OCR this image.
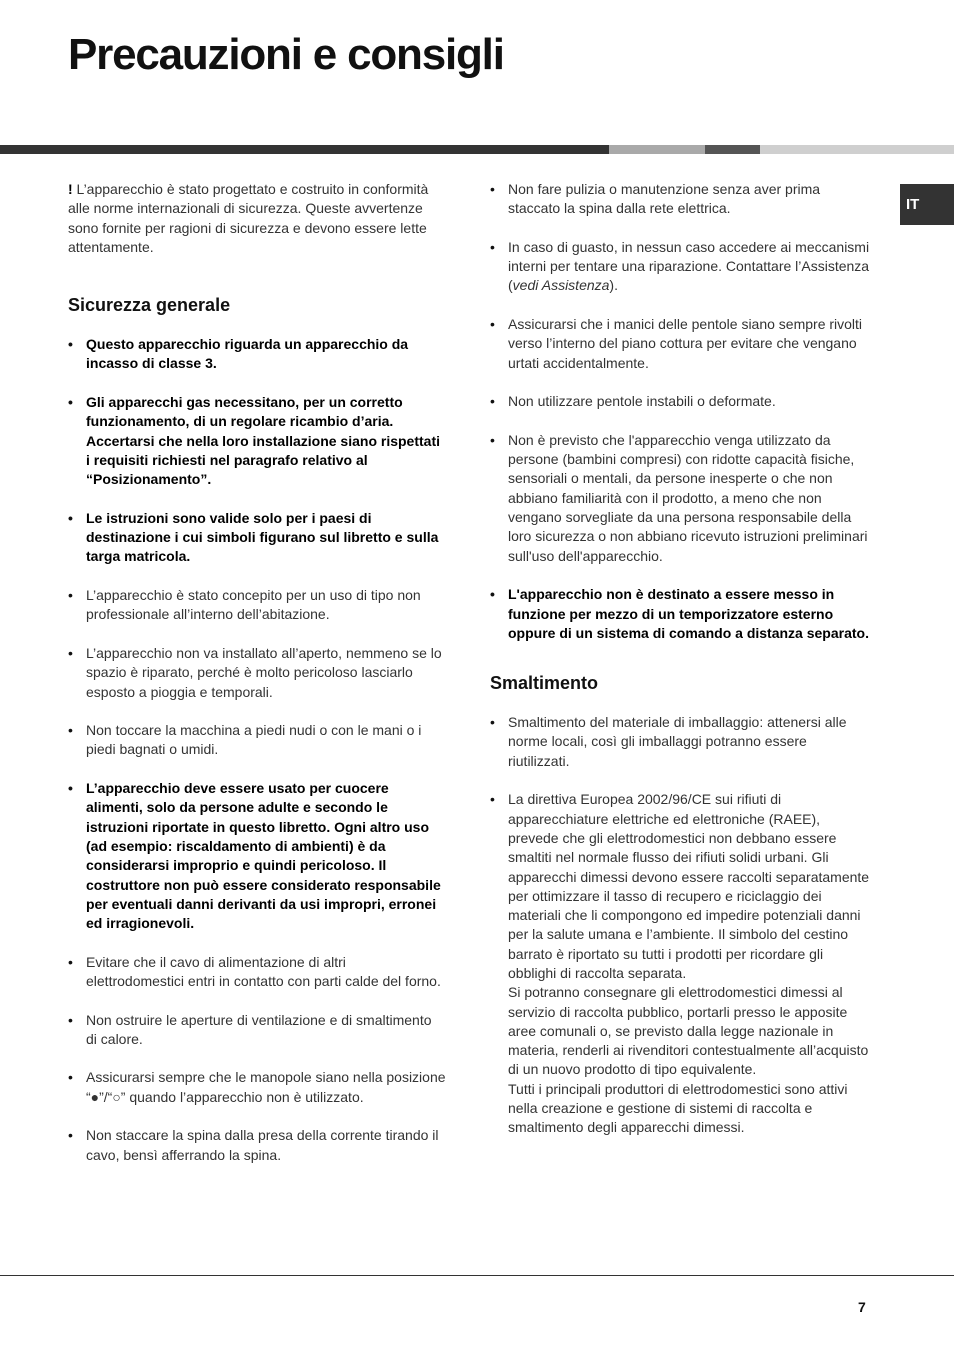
Precauzioni e consigli
IT

! L’apparecchio è stato progettato e costruito in conformità alle norme internazionali di sicurezza. Queste avvertenze sono fornite per ragioni di sicurezza e devono essere lette attentamente.

Sicurezza generale
• Questo apparecchio riguarda un apparecchio da incasso di classe 3.
• Gli apparecchi gas necessitano, per un corretto funzionamento, di un regolare ricambio d’aria. Accertarsi che nella loro installazione siano rispettati i requisiti richiesti nel paragrafo relativo al “Posizionamento”.
• Le istruzioni sono valide solo per i paesi di destinazione i cui simboli figurano sul libretto e sulla targa matricola.
• L’apparecchio è stato concepito per un uso di tipo non professionale all’interno dell’abitazione.
• L’apparecchio non va installato all’aperto, nemmeno se lo spazio è riparato, perché è molto pericoloso lasciarlo esposto a pioggia e temporali.
• Non toccare la macchina a piedi nudi o con le mani o i piedi bagnati o umidi.
• L’apparecchio deve essere usato per cuocere alimenti, solo da persone adulte e secondo le istruzioni riportate in questo libretto. Ogni altro uso (ad esempio: riscaldamento di ambienti) è da considerarsi improprio e quindi pericoloso. Il costruttore non può essere considerato responsabile per eventuali danni derivanti da usi impropri, erronei ed irragionevoli.
• Evitare che il cavo di alimentazione di altri elettrodomestici entri in contatto con parti calde del forno.
• Non ostruire le aperture di ventilazione e di smaltimento di calore.
• Assicurarsi sempre che le manopole siano nella posizione “●”/“○” quando l’apparecchio non è utilizzato.
• Non staccare la spina dalla presa della corrente tirando il cavo, bensì afferrando la spina.
• Non fare pulizia o manutenzione senza aver prima staccato la spina dalla rete elettrica.
• In caso di guasto, in nessun caso accedere ai meccanismi interni per tentare una riparazione. Contattare l’Assistenza (vedi Assistenza).
• Assicurarsi che i manici delle pentole siano sempre rivolti verso l’interno del piano cottura per evitare che vengano urtati accidentalmente.
• Non utilizzare pentole instabili o deformate.
• Non è previsto che l'apparecchio venga utilizzato da persone (bambini compresi) con ridotte capacità fisiche, sensoriali o mentali, da persone inesperte o che non abbiano familiarità con il prodotto, a meno che non vengano sorvegliate da una persona responsabile della loro sicurezza o non abbiano ricevuto istruzioni preliminari sull'uso dell'apparecchio.
• L'apparecchio non è destinato a essere messo in funzione per mezzo di un temporizzatore esterno oppure di un sistema di comando a distanza separato.
Smaltimento
• Smaltimento del materiale di imballaggio: attenersi alle norme locali, così gli imballaggi potranno essere riutilizzati.
• La direttiva Europea 2002/96/CE sui rifiuti di apparecchiature elettriche ed elettroniche (RAEE), prevede che gli elettrodomestici non debbano essere smaltiti nel normale flusso dei rifiuti solidi urbani. Gli apparecchi dimessi devono essere raccolti separatamente per ottimizzare il tasso di recupero e riciclaggio dei materiali che li compongono ed impedire potenziali danni per la salute umana e l’ambiente. Il simbolo del cestino barrato è riportato su tutti i prodotti per ricordare gli obblighi di raccolta separata.
Si potranno consegnare gli elettrodomestici dimessi al servizio di raccolta pubblico, portarli presso le apposite aree comunali o, se previsto dalla legge nazionale in materia, renderli ai rivenditori contestualmente all’acquisto di un nuovo prodotto di tipo equivalente.
Tutti i principali produttori di elettrodomestici sono attivi nella creazione e gestione di sistemi di raccolta e smaltimento degli apparecchi dimessi.
7
